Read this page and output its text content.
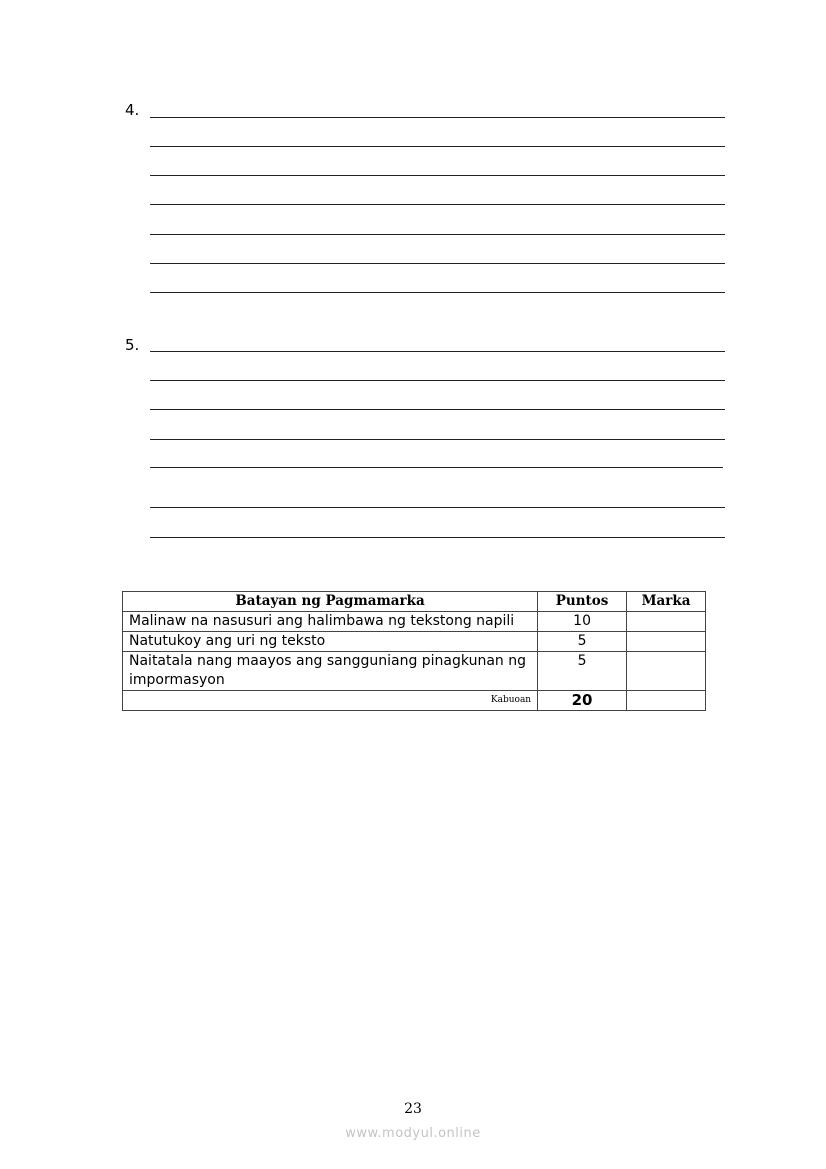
4.
5.
Batayan ng Pagmamarka	Puntos	Marka
Malinaw na nasusuri ang halimbawa ng tekstong napili	10	
Natutukoy ang uri ng teksto	5	
Naitatala nang maayos ang sangguniang pinagkunan ng impormasyon	5	
Kabuoan	20	
23
www.modyul.online
